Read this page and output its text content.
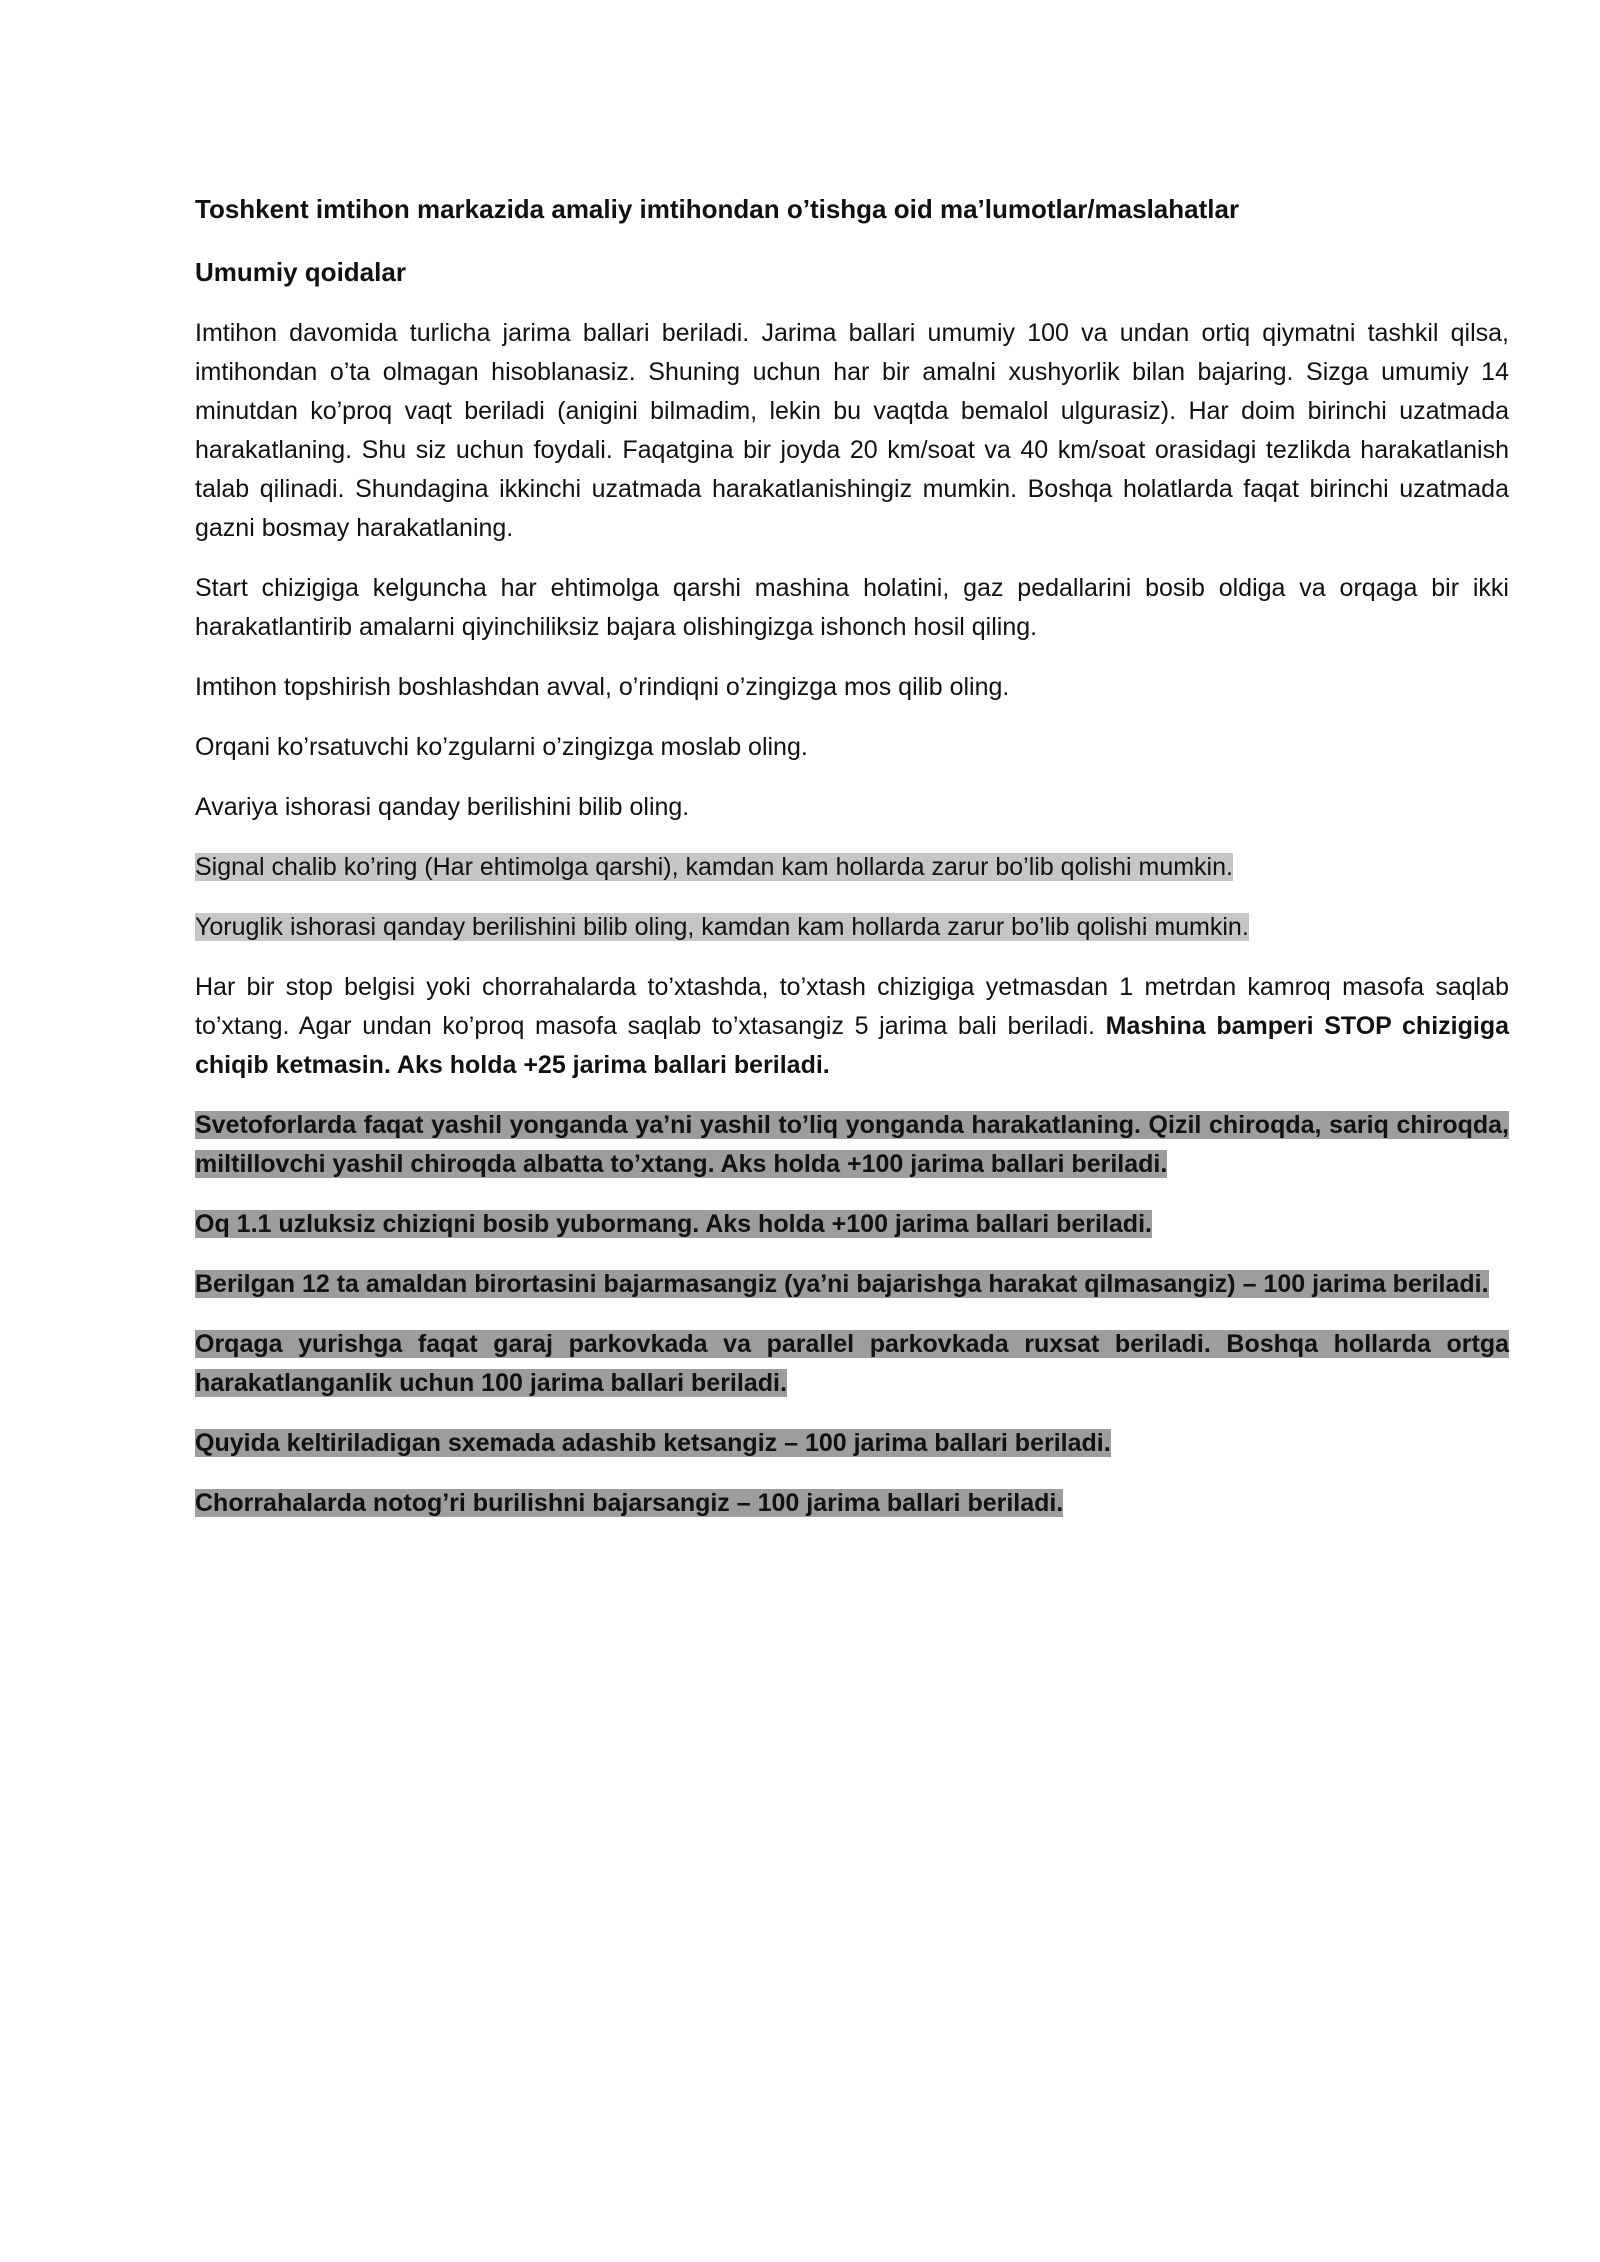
Toshkent imtihon markazida amaliy imtihondan o’tishga oid ma’lumotlar/maslahatlar

Umumiy qoidalar

Imtihon davomida turlicha jarima ballari beriladi. Jarima ballari umumiy 100 va undan ortiq qiymatni tashkil qilsa, imtihondan o’ta olmagan hisoblanasiz. Shuning uchun har bir amalni xushyorlik bilan bajaring. Sizga umumiy 14 minutdan ko’proq vaqt beriladi (anigini bilmadim, lekin bu vaqtda bemalol ulgurasiz). Har doim birinchi uzatmada harakatlaning. Shu siz uchun foydali. Faqatgina bir joyda 20 km/soat va 40 km/soat orasidagi tezlikda harakatlanish talab qilinadi. Shundagina ikkinchi uzatmada harakatlanishingiz mumkin. Boshqa holatlarda faqat birinchi uzatmada gazni bosmay harakatlaning.

Start chizigiga kelguncha har ehtimolga qarshi mashina holatini, gaz pedallarini bosib oldiga va orqaga bir ikki harakatlantirib amalarni qiyinchiliksiz bajara olishingizga ishonch hosil qiling.

Imtihon topshirish boshlashdan avval, o’rindiqni o’zingizga mos qilib oling.

Orqani ko’rsatuvchi ko’zgularni o’zingizga moslab oling.

Avariya ishorasi qanday berilishini bilib oling.

Signal chalib ko’ring (Har ehtimolga qarshi), kamdan kam hollarda zarur bo’lib qolishi mumkin.

Yoruglik ishorasi qanday berilishini bilib oling, kamdan kam hollarda zarur bo’lib qolishi mumkin.

Har bir stop belgisi yoki chorrahalarda to’xtashda, to’xtash chizigiga yetmasdan 1 metrdan kamroq masofa saqlab to’xtang. Agar undan ko’proq masofa saqlab to’xtasangiz 5 jarima bali beriladi. Mashina bamperi STOP chizigiga chiqib ketmasin. Aks holda +25 jarima ballari beriladi.

Svetoforlarda faqat yashil yonganda ya’ni yashil to’liq yonganda harakatlaning. Qizil chiroqda, sariq chiroqda, miltillovchi yashil chiroqda albatta to’xtang. Aks holda +100 jarima ballari beriladi.

Oq 1.1 uzluksiz chiziqni bosib yubormang. Aks holda +100 jarima ballari beriladi.

Berilgan 12 ta amaldan birortasini bajarmasangiz (ya’ni bajarishga harakat qilmasangiz) – 100 jarima beriladi.

Orqaga yurishga faqat garaj parkovkada va parallel parkovkada ruxsat beriladi. Boshqa hollarda ortga harakatlanganlik uchun 100 jarima ballari beriladi.

Quyida keltiriladigan sxemada adashib ketsangiz – 100 jarima ballari beriladi.

Chorrahalarda notog’ri burilishni bajarsangiz – 100 jarima ballari beriladi.
